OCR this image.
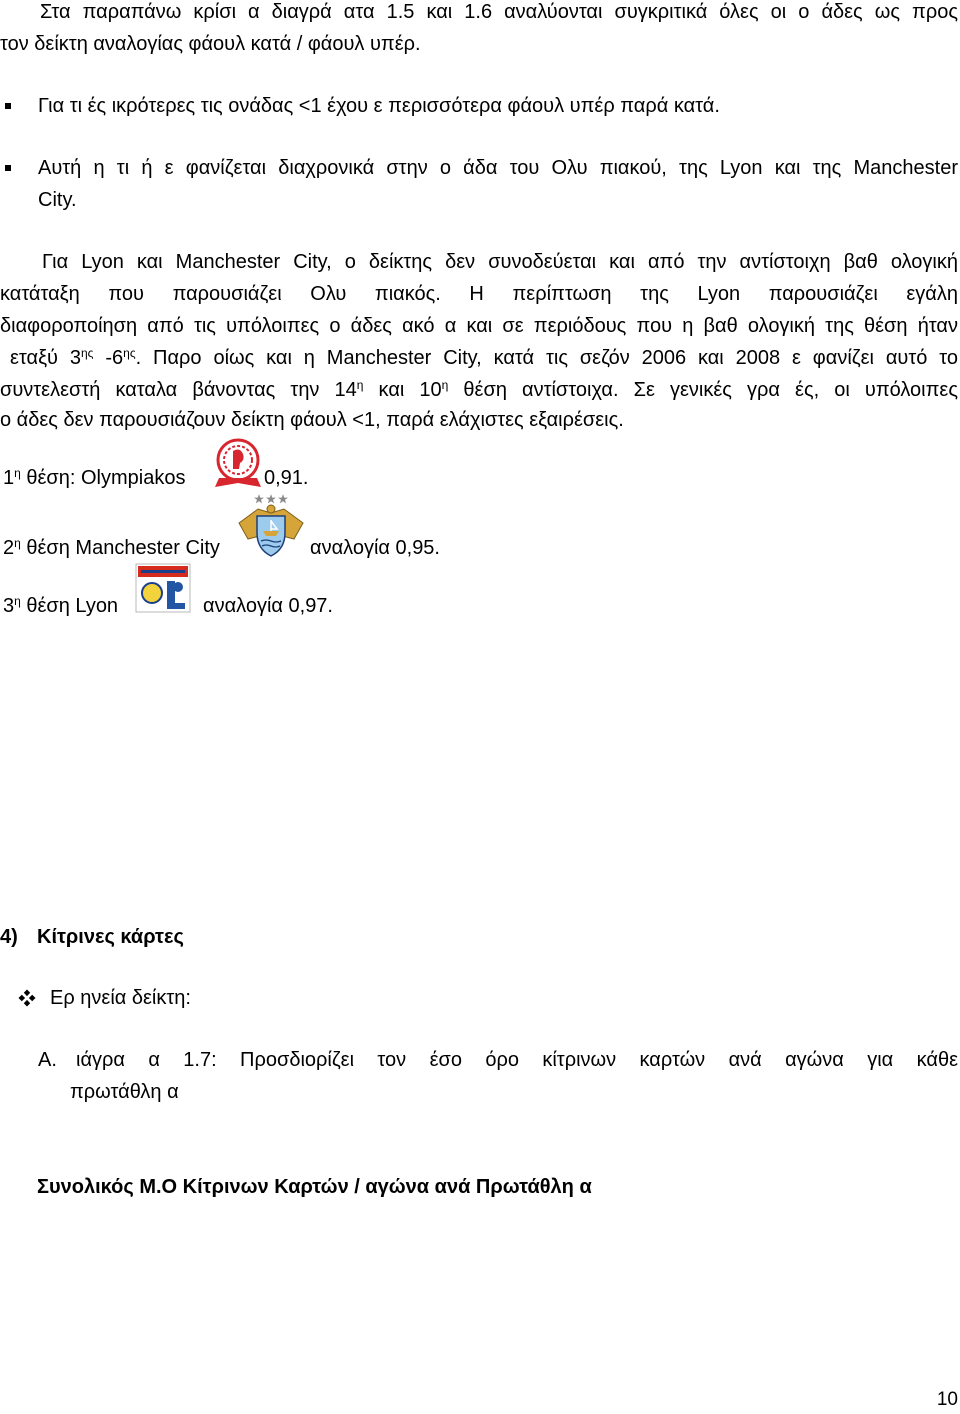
Στα παραπάνω κρίσι α διαγρά ατα 1.5 και 1.6 αναλύονται συγκριτικά όλες οι ο άδες ως προς
τον δείκτη αναλογίας φάουλ κατά / φάουλ υπέρ.
Για τι ές ικρότερες τις ονάδας <1 έχου ε περισσότερα φάουλ υπέρ παρά κατά.
Αυτή η τι ή ε φανίζεται διαχρονικά στην ο άδα του Ολυ πιακού, της Lyon και της Manchester
City.
Για Lyon και Manchester City, ο δείκτης δεν συνοδεύεται και από την αντίστοιχη βαθ ολογική
κατάταξη που παρουσιάζει Ολυ πιακός. Η περίπτωση της Lyon παρουσιάζει εγάλη
διαφοροποίηση από τις υπόλοιπες ο άδες ακό α και σε περιόδους που η βαθ ολογική της θέση ήταν
εταξύ $3^{\eta\varsigma}$ $-6^{\eta\varsigma}$. Παρο οίως και η Manchester City, κατά τις σεζόν 2006 και 2008 ε φανίζει αυτό το
συντελεστή καταλα βάνοντας την $14^\eta$ και $10^\eta$ θέση αντίστοιχα. Σε γενικές γρα ές, οι υπόλοιπες
ο άδες δεν παρουσιάζουν δείκτη φάουλ <1, παρά ελάχιστες εξαιρέσεις.
$1^\eta$ θέση: Olympiakos	0,91.
$2^\eta$ θέση Manchester City	αναλογία 0,95.
$3^\eta$ θέση Lyon	αναλογία 0,97.
4) Κίτρινες κάρτες
Ερ ηνεία δείκτη:
Α. ιάγρα α 1.7: Προσδιορίζει τον έσο όρο κίτρινων καρτών ανά αγώνα για κάθε
πρωτάθλη α
Συνολικός Μ.Ο Κίτρινων Καρτών / αγώνα ανά Πρωτάθλη α
10
